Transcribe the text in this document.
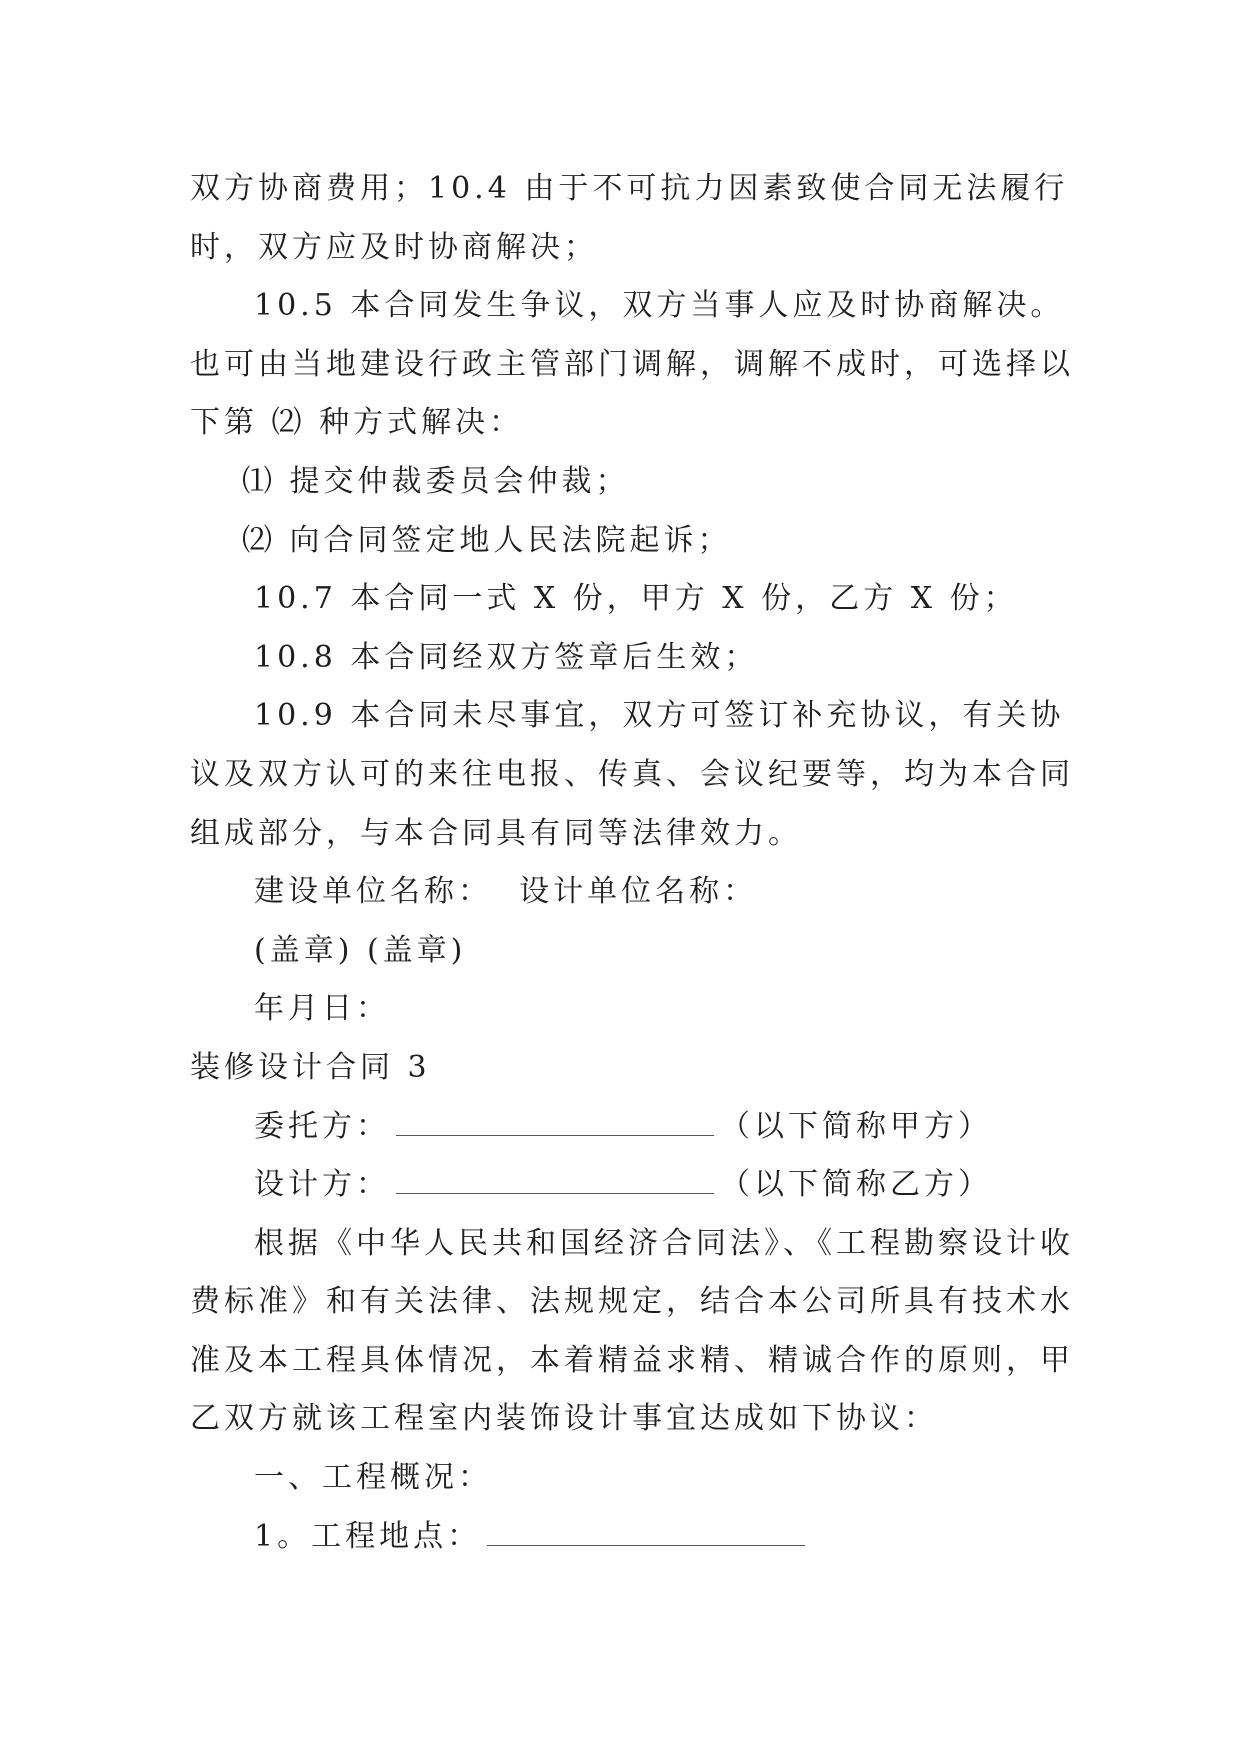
双方协商费用；10.4 由于不可抗力因素致使合同无法履行
时，双方应及时协商解决；
10.5 本合同发生争议，双方当事人应及时协商解决。
也可由当地建设行政主管部门调解，调解不成时，可选择以
下第 ⑵ 种方式解决：
⑴ 提交仲裁委员会仲裁；
⑵ 向合同签定地人民法院起诉；
10.7 本合同一式 X 份，甲方 X 份，乙方 X 份；
10.8 本合同经双方签章后生效；
10.9 本合同未尽事宜，双方可签订补充协议，有关协
议及双方认可的来往电报、传真、会议纪要等，均为本合同
组成部分，与本合同具有同等法律效力。
建设单位名称：  设计单位名称：
(盖章) (盖章)
年月日：
装修设计合同 3
委托方：	（以下简称甲方）
设计方：	（以下简称乙方）
根据《中华人民共和国经济合同法》、《工程勘察设计收
费标准》和有关法律、法规规定，结合本公司所具有技术水
准及本工程具体情况，本着精益求精、精诚合作的原则，甲
乙双方就该工程室内装饰设计事宜达成如下协议：
一、工程概况：
1。工程地点：
